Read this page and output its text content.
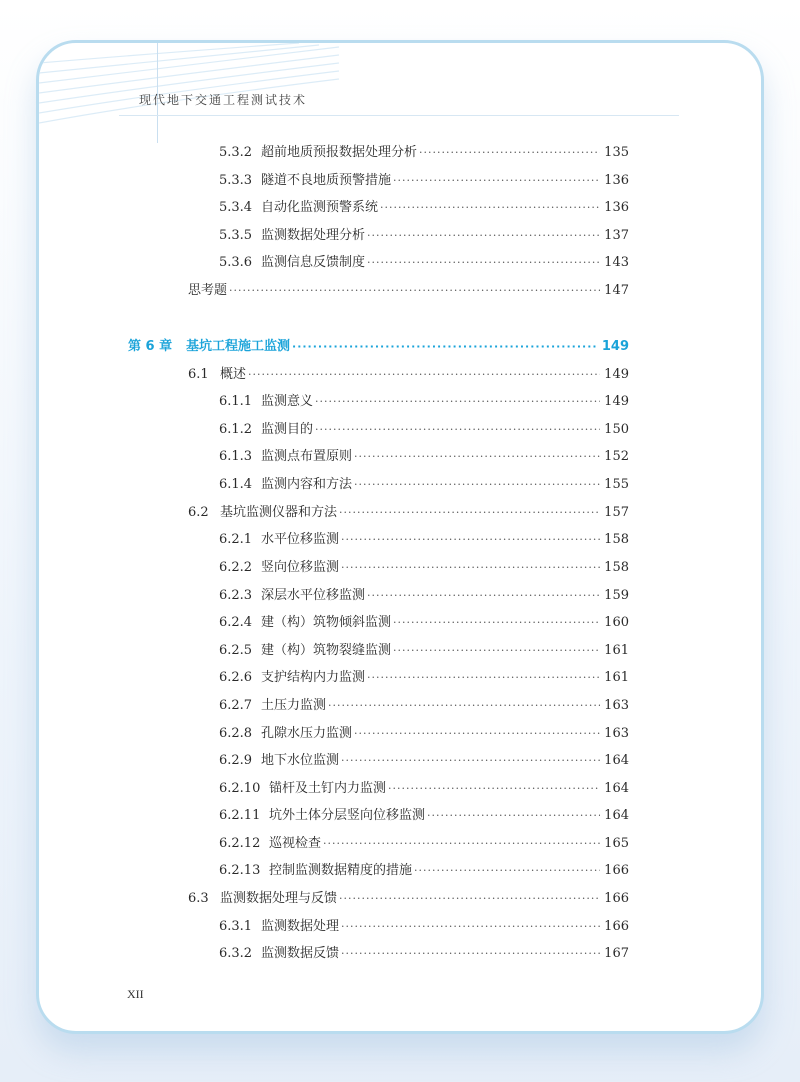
现代地下交通工程测试技术
5.3.2 超前地质预报数据处理分析 ·····	135
5.3.3 隧道不良地质预警措施 ·····	136
5.3.4 自动化监测预警系统 ·····	136
5.3.5 监测数据处理分析 ·····	137
5.3.6 监测信息反馈制度 ·····	143
思考题 ·····	147
第 6 章	基坑工程施工监测 ·····	149
6.1 概述 ·····	149
6.1.1 监测意义 ·····	149
6.1.2 监测目的 ·····	150
6.1.3 监测点布置原则 ·····	152
6.1.4 监测内容和方法 ·····	155
6.2 基坑监测仪器和方法 ·····	157
6.2.1 水平位移监测 ·····	158
6.2.2 竖向位移监测 ·····	158
6.2.3 深层水平位移监测 ·····	159
6.2.4 建（构）筑物倾斜监测 ·····	160
6.2.5 建（构）筑物裂缝监测 ·····	161
6.2.6 支护结构内力监测 ·····	161
6.2.7 土压力监测 ·····	163
6.2.8 孔隙水压力监测 ·····	163
6.2.9 地下水位监测 ·····	164
6.2.10 锚杆及土钉内力监测 ·····	164
6.2.11 坑外土体分层竖向位移监测 ·····	164
6.2.12 巡视检查 ·····	165
6.2.13 控制监测数据精度的措施 ·····	166
6.3 监测数据处理与反馈 ·····	166
6.3.1 监测数据处理 ·····	166
6.3.2 监测数据反馈 ·····	167
XII
